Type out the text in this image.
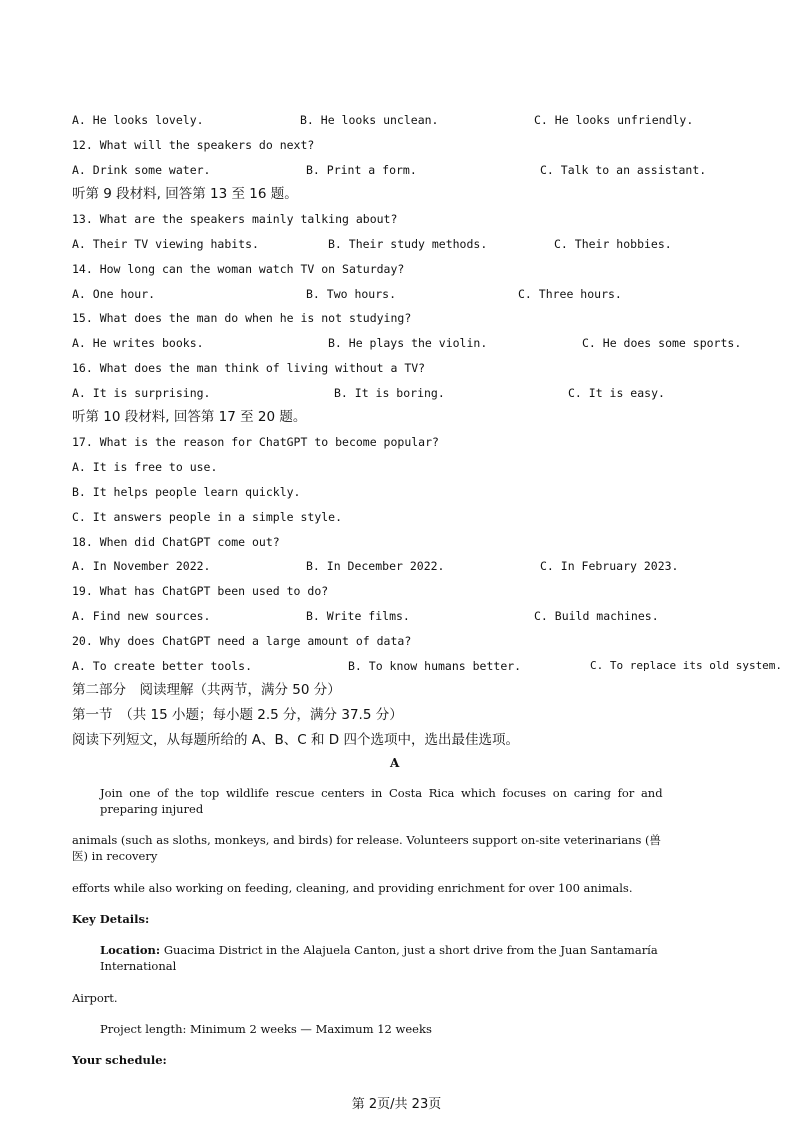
A. He looks lovely.	B. He looks unclean.	C. He looks unfriendly.
12. What will the speakers do next?
A. Drink some water.	B. Print a form.	C. Talk to an assistant.
听第 9 段材料, 回答第 13 至 16 题。
13. What are the speakers mainly talking about?
A. Their TV viewing habits.	B. Their study methods.	C. Their hobbies.
14. How long can the woman watch TV on Saturday?
A. One hour.	B. Two hours.	C. Three hours.
15. What does the man do when he is not studying?
A. He writes books.	B. He plays the violin.	C. He does some sports.
16. What does the man think of living without a TV?
A. It is surprising.	B. It is boring.	C. It is easy.
听第 10 段材料, 回答第 17 至 20 题。
17. What is the reason for ChatGPT to become popular?
A. It is free to use.
B. It helps people learn quickly.
C. It answers people in a simple style.
18. When did ChatGPT come out?
A. In November 2022.	B. In December 2022.	C. In February 2023.
19. What has ChatGPT been used to do?
A. Find new sources.	B. Write films.	C. Build machines.
20. Why does ChatGPT need a large amount of data?
A. To create better tools.	B. To know humans better.	C. To replace its old system.
第二部分　阅读理解（共两节，满分 50 分）
第一节　（共 15 小题；每小题 2.5 分，满分 37.5 分）
阅读下列短文，从每题所给的 A、B、C 和 D 四个选项中，选出最佳选项。
A
Join one of the top wildlife rescue centers in Costa Rica which focuses on caring for and
preparing injured
animals (such as sloths, monkeys, and birds) for release. Volunteers support on-site veterinarians (兽
医) in recovery
efforts while also working on feeding, cleaning, and providing enrichment for over 100 animals.
Key Details:
Location: Guacima District in the Alajuela Canton, just a short drive from the Juan Santamaría
International
Airport.
Project length: Minimum 2 weeks — Maximum 12 weeks
Your schedule:
第 2页/共 23页
